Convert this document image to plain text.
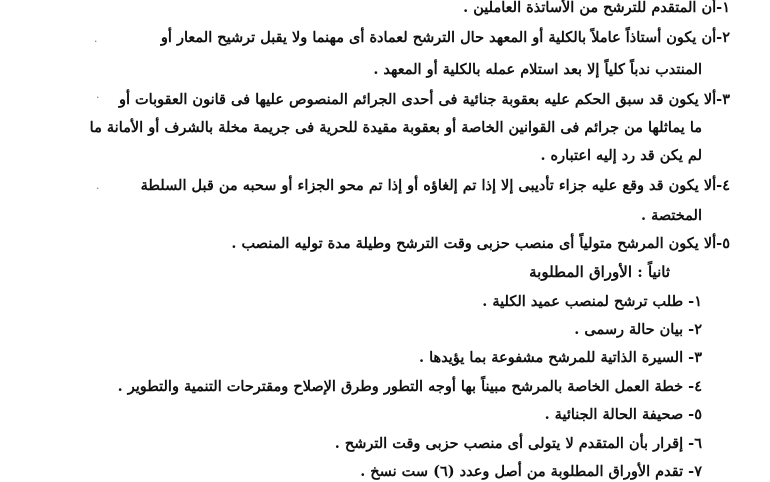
١-أن المتقدم للترشح من الأساتذة العاملين .
٢-أن يكون أستاذاً عاملاً بالكلية أو المعهد حال الترشح لعمادة أى مهنما ولا يقبل ترشيح المعار أو
المنتدب ندباً كلياً إلا بعد استلام عمله بالكلية أو المعهد .
٣-ألا يكون قد سبق الحكم عليه بعقوبة جنائية فى أحدى الجرائم المنصوص عليها فى قانون العقوبات أو
ما يماثلها من جرائم فى القوانين الخاصة أو بعقوبة مقيدة للحرية فى جريمة مخلة بالشرف أو الأمانة ما
لم يكن قد رد إليه اعتباره .
٤-ألا يكون قد وقع عليه جزاء تأديبى إلا إذا تم إلغاؤه أو إذا تم محو الجزاء أو سحبه من قبل السلطة
المختصة .
٥-ألا يكون المرشح متولياً أى منصب حزبى وقت الترشح وطيلة مدة توليه المنصب .
ثانياً : الأوراق المطلوبة
١- طلب ترشح لمنصب عميد الكلية .
٢- بيان حالة رسمى .
٣- السيرة الذاتية للمرشح مشفوعة بما يؤيدها .
٤- خطة العمل الخاصة بالمرشح مبيناً بها أوجه التطور وطرق الإصلاح ومقترحات التنمية والتطوير .
٥- صحيفة الحالة الجنائية .
٦- إقرار بأن المتقدم لا يتولى أى منصب حزبى وقت الترشح .
٧- تقدم الأوراق المطلوبة من أصل وعدد (٦) ست نسخ .
·
·
·
